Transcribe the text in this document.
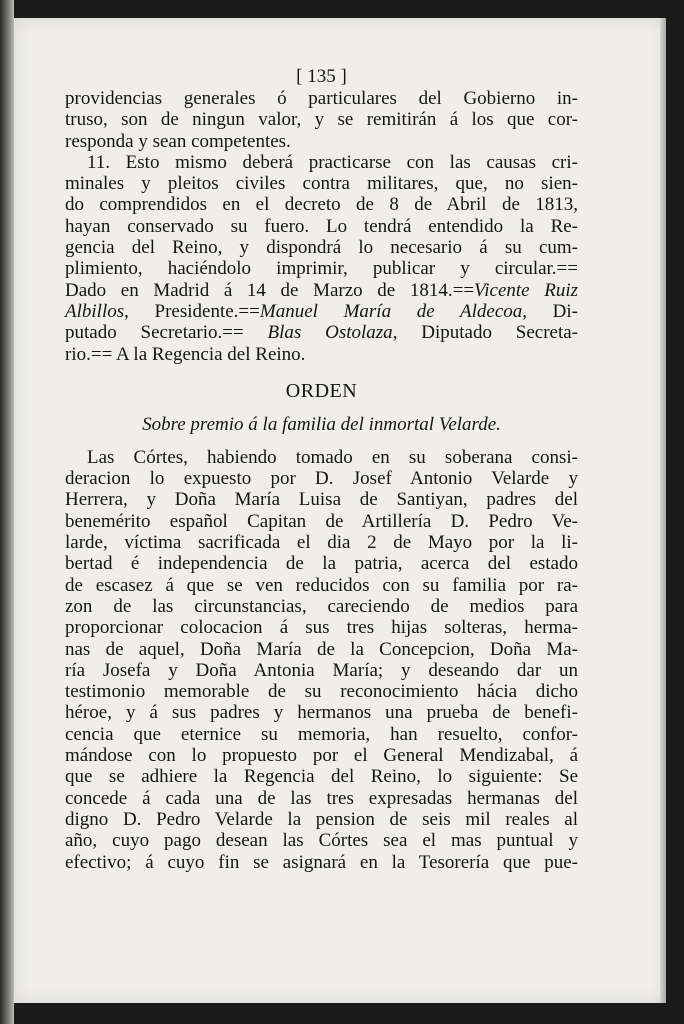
[ 135 ]
providencias generales ó particulares del Gobierno in-
truso, son de ningun valor, y se remitirán á los que cor-
responda y sean competentes.
11. Esto mismo deberá practicarse con las causas cri-
minales y pleitos civiles contra militares, que, no sien-
do comprendidos en el decreto de 8 de Abril de 1813,
hayan conservado su fuero. Lo tendrá entendido la Re-
gencia del Reino, y dispondrá lo necesario á su cum-
plimiento, haciéndolo imprimir, publicar y circular.==
Dado en Madrid á 14 de Marzo de 1814.==Vicente Ruiz
Albillos, Presidente.==Manuel María de Aldecoa, Di-
putado Secretario.== Blas Ostolaza, Diputado Secreta-
rio.== A la Regencia del Reino.
ORDEN
Sobre premio á la familia del inmortal Velarde.
Las Córtes, habiendo tomado en su soberana consi-
deracion lo expuesto por D. Josef Antonio Velarde y
Herrera, y Doña María Luisa de Santiyan, padres del
benemérito español Capitan de Artillería D. Pedro Ve-
larde, víctima sacrificada el dia 2 de Mayo por la li-
bertad é independencia de la patria, acerca del estado
de escasez á que se ven reducidos con su familia por ra-
zon de las circunstancias, careciendo de medios para
proporcionar colocacion á sus tres hijas solteras, herma-
nas de aquel, Doña María de la Concepcion, Doña Ma-
ría Josefa y Doña Antonia María; y deseando dar un
testimonio memorable de su reconocimiento hácia dicho
héroe, y á sus padres y hermanos una prueba de benefi-
cencia que eternice su memoria, han resuelto, confor-
mándose con lo propuesto por el General Mendizabal, á
que se adhiere la Regencia del Reino, lo siguiente: Se
concede á cada una de las tres expresadas hermanas del
digno D. Pedro Velarde la pension de seis mil reales al
año, cuyo pago desean las Córtes sea el mas puntual y
efectivo; á cuyo fin se asignará en la Tesorería que pue-
